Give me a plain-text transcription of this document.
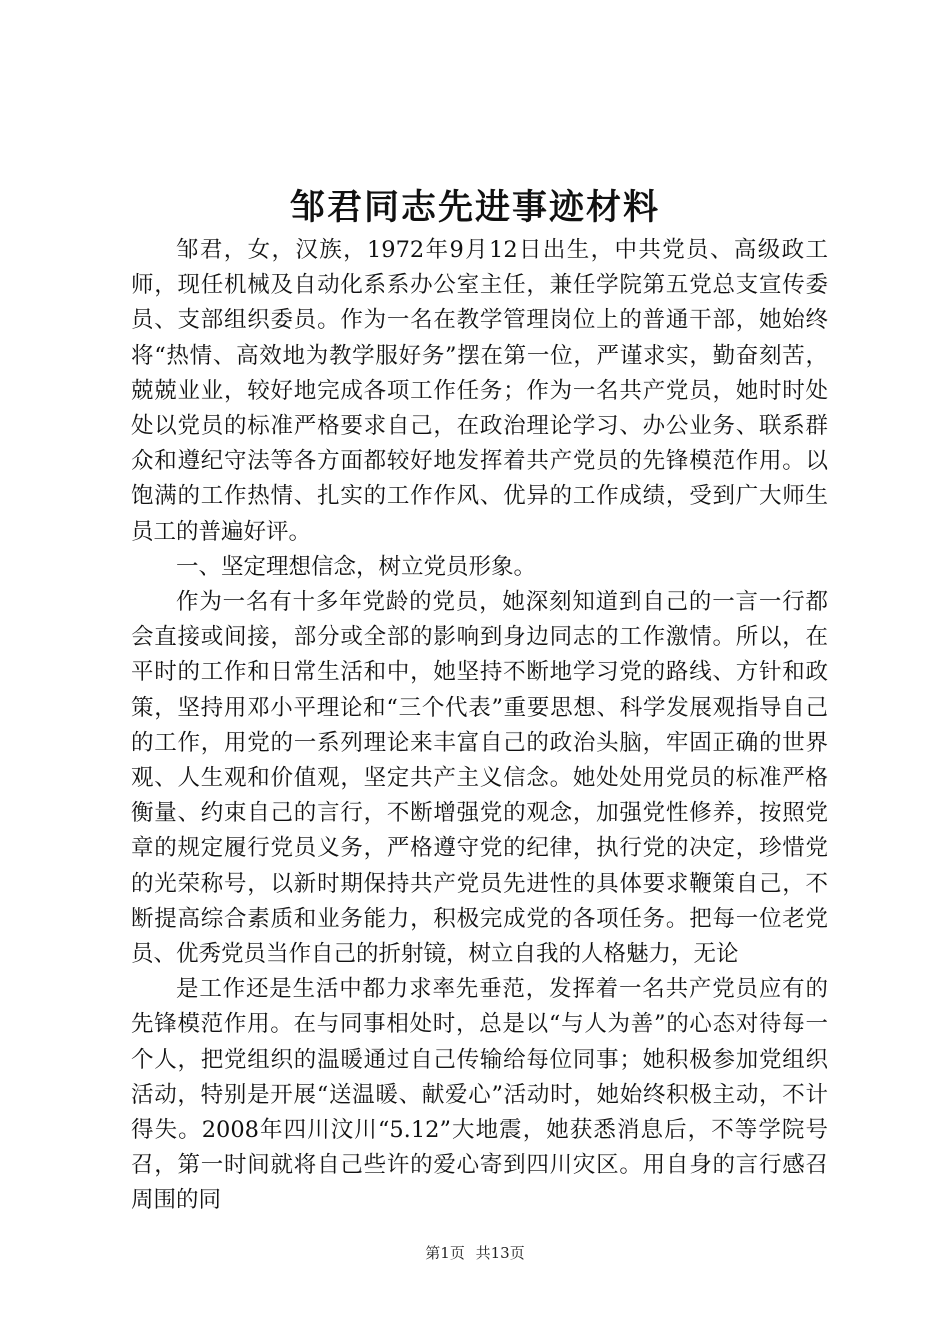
邹君同志先进事迹材料

邹君，女，汉族，1972年9月12日出生，中共党员、高级政工师，现任机械及自动化系系办公室主任，兼任学院第五党总支宣传委员、支部组织委员。作为一名在教学管理岗位上的普通干部，她始终将“热情、高效地为教学服好务”摆在第一位，严谨求实，勤奋刻苦，兢兢业业，较好地完成各项工作任务；作为一名共产党员，她时时处处以党员的标准严格要求自己，在政治理论学习、办公业务、联系群众和遵纪守法等各方面都较好地发挥着共产党员的先锋模范作用。以饱满的工作热情、扎实的工作作风、优异的工作成绩，受到广大师生员工的普遍好评。

一、坚定理想信念，树立党员形象。

作为一名有十多年党龄的党员，她深刻知道到自己的一言一行都会直接或间接，部分或全部的影响到身边同志的工作激情。所以，在平时的工作和日常生活和中，她坚持不断地学习党的路线、方针和政策，坚持用邓小平理论和“三个代表”重要思想、科学发展观指导自己的工作，用党的一系列理论来丰富自己的政治头脑，牢固正确的世界观、人生观和价值观，坚定共产主义信念。她处处用党员的标准严格衡量、约束自己的言行，不断增强党的观念，加强党性修养，按照党章的规定履行党员义务，严格遵守党的纪律，执行党的决定，珍惜党的光荣称号，以新时期保持共产党员先进性的具体要求鞭策自己，不断提高综合素质和业务能力，积极完成党的各项任务。把每一位老党员、优秀党员当作自己的折射镜，树立自我的人格魅力，无论

是工作还是生活中都力求率先垂范，发挥着一名共产党员应有的先锋模范作用。在与同事相处时，总是以“与人为善”的心态对待每一个人，把党组织的温暖通过自己传输给每位同事；她积极参加党组织活动，特别是开展“送温暖、献爱心”活动时，她始终积极主动，不计得失。2008年四川汶川“5.12”大地震，她获悉消息后，不等学院号召，第一时间就将自己些许的爱心寄到四川灾区。用自身的言行感召周围的同

第1页 共13页
